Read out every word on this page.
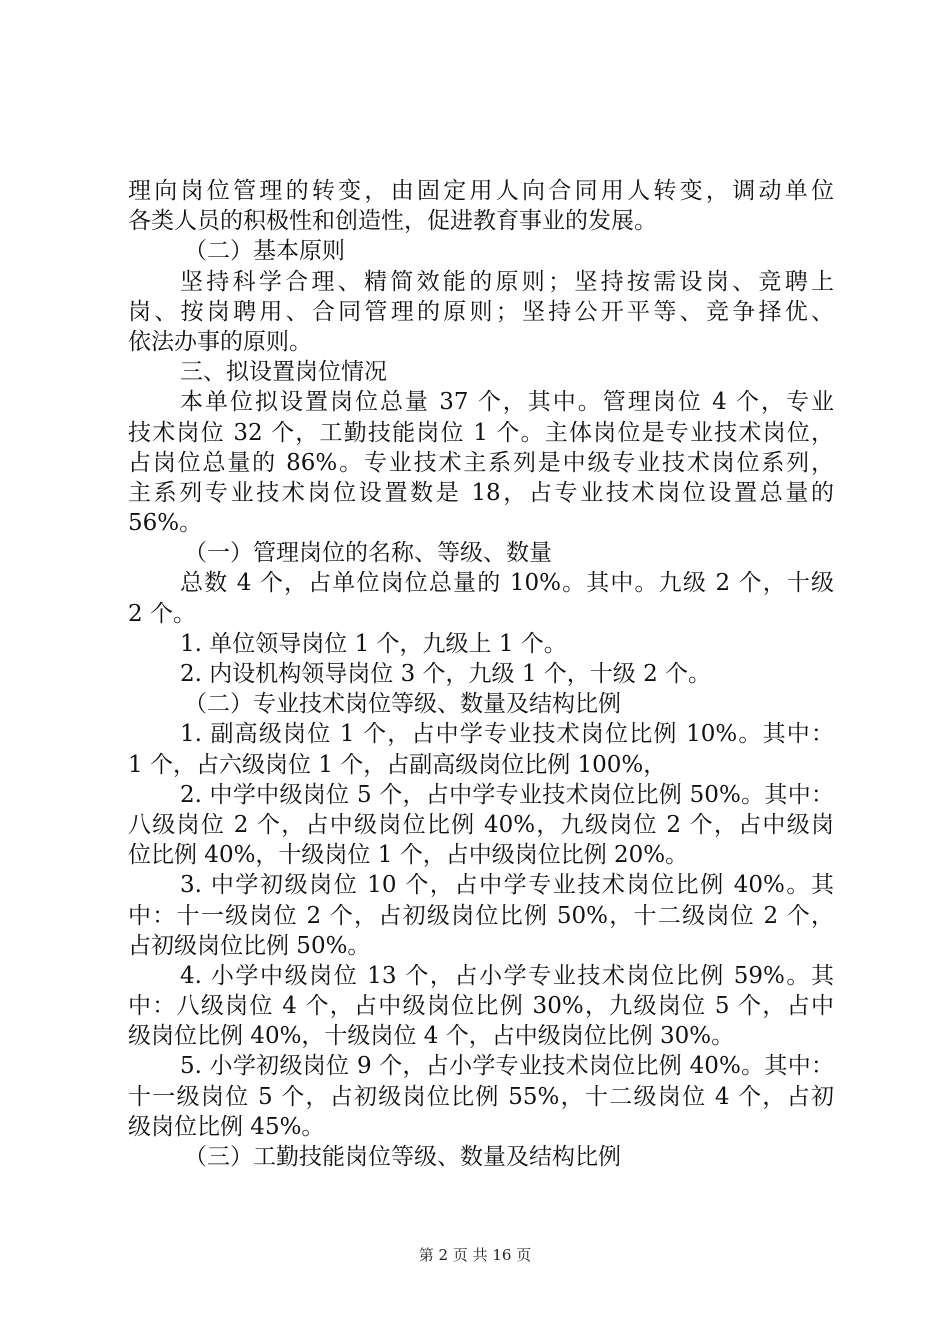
理向岗位管理的转变，由固定用人向合同用人转变，调动单位
各类人员的积极性和创造性，促进教育事业的发展。
（二）基本原则
坚持科学合理、精简效能的原则；坚持按需设岗、竞聘上
岗、按岗聘用、合同管理的原则；坚持公开平等、竞争择优、
依法办事的原则。
三、拟设置岗位情况
本单位拟设置岗位总量 37 个，其中。管理岗位 4 个，专业
技术岗位 32 个，工勤技能岗位 1 个。主体岗位是专业技术岗位，
占岗位总量的 86%。专业技术主系列是中级专业技术岗位系列，
主系列专业技术岗位设置数是 18，占专业技术岗位设置总量的
56%。
（一）管理岗位的名称、等级、数量
总数 4 个，占单位岗位总量的 10%。其中。九级 2 个，十级
2 个。
1. 单位领导岗位 1 个，九级上 1 个。
2. 内设机构领导岗位 3 个，九级 1 个，十级 2 个。
（二）专业技术岗位等级、数量及结构比例
1. 副高级岗位 1 个，占中学专业技术岗位比例 10%。其中：
1 个，占六级岗位 1 个，占副高级岗位比例 100%，
2. 中学中级岗位 5 个，占中学专业技术岗位比例 50%。其中：
八级岗位 2 个，占中级岗位比例 40%，九级岗位 2 个，占中级岗
位比例 40%，十级岗位 1 个，占中级岗位比例 20%。
3. 中学初级岗位 10 个，占中学专业技术岗位比例 40%。其
中：十一级岗位 2 个，占初级岗位比例 50%，十二级岗位 2 个，
占初级岗位比例 50%。
4. 小学中级岗位 13 个，占小学专业技术岗位比例 59%。其
中：八级岗位 4 个，占中级岗位比例 30%，九级岗位 5 个，占中
级岗位比例 40%，十级岗位 4 个，占中级岗位比例 30%。
5. 小学初级岗位 9 个，占小学专业技术岗位比例 40%。其中：
十一级岗位 5 个，占初级岗位比例 55%，十二级岗位 4 个，占初
级岗位比例 45%。
（三）工勤技能岗位等级、数量及结构比例
第 2 页 共 16 页
